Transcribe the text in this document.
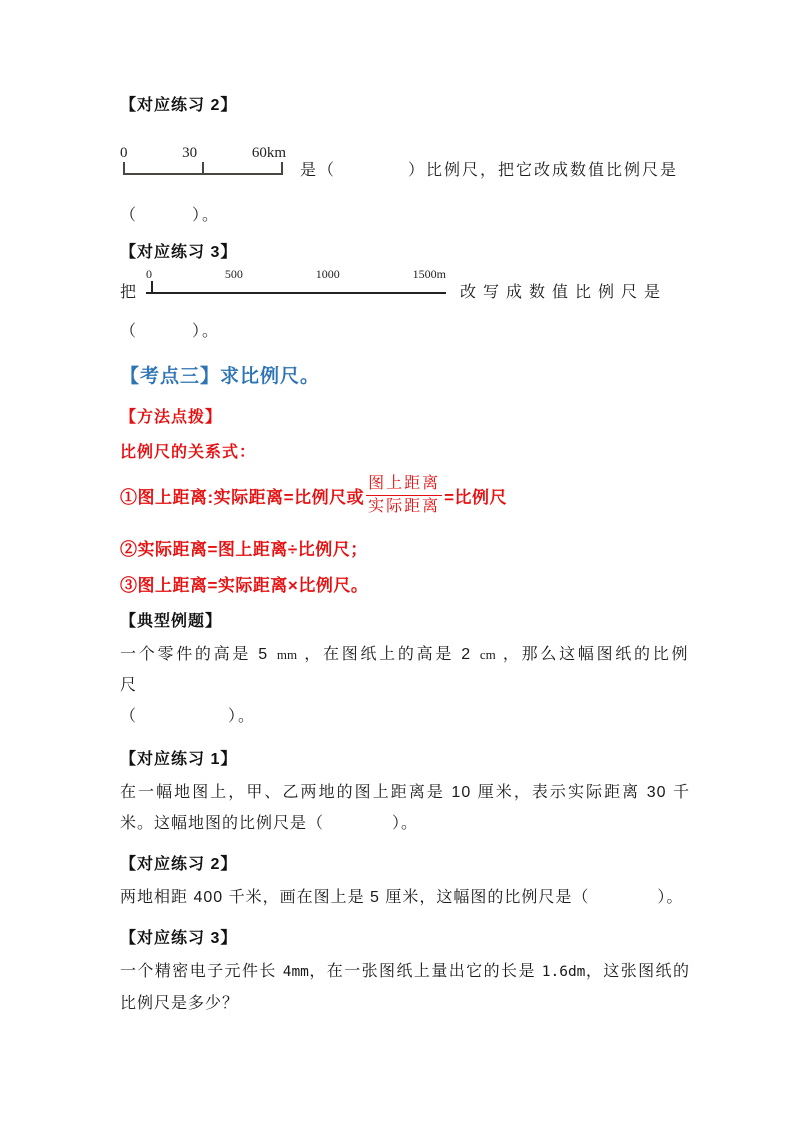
【对应练习 2】
0	30	60km
是（　　　　）比例尺，把它改成数值比例尺是
（　　　）。
【对应练习 3】
把
0	500	1000	1500m
改写成数值比例尺是
（　　　）。
【考点三】求比例尺。
【方法点拨】
比例尺的关系式：
①图上距离:实际距离=比例尺或 $\frac{\text{图上距离}}{\text{实际距离}}$ =比例尺
②实际距离=图上距离÷比例尺；
③图上距离=实际距离×比例尺。
【典型例题】
一个零件的高是 5 mm ，在图纸上的高是 2 cm ，那么这幅图纸的比例尺
（　　　　　）。
【对应练习 1】
在一幅地图上，甲、乙两地的图上距离是 10 厘米，表示实际距离 30 千米。这幅地图的比例尺是（　　　　）。
【对应练习 2】
两地相距 400 千米，画在图上是 5 厘米，这幅图的比例尺是（　　　　）。
【对应练习 3】
一个精密电子元件长 4mm，在一张图纸上量出它的长是 1.6dm，这张图纸的比例尺是多少？
